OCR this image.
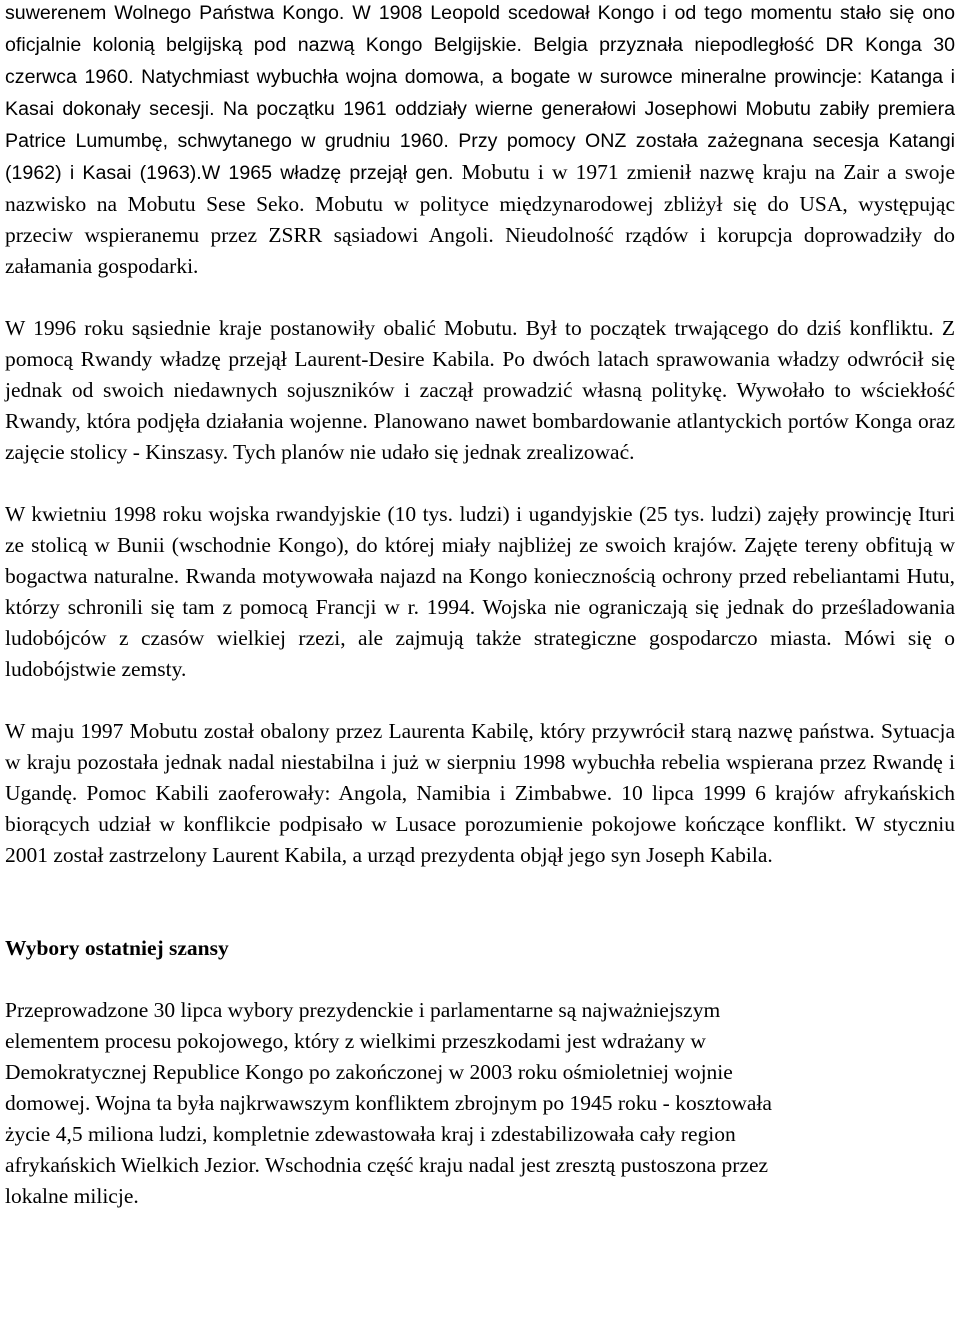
suwerenem Wolnego Państwa Kongo. W 1908 Leopold scedował Kongo i od tego momentu stało się ono oficjalnie kolonią belgijską pod nazwą Kongo Belgijskie. Belgia przyznała niepodległość DR Konga 30 czerwca 1960. Natychmiast wybuchła wojna domowa, a bogate w surowce mineralne prowincje: Katanga i Kasai dokonały secesji. Na początku 1961 oddziały wierne generałowi Josephowi Mobutu zabiły premiera Patrice Lumumbę, schwytanego w grudniu 1960. Przy pomocy ONZ została zażegnana secesja Katangi (1962) i Kasai (1963).W 1965 władzę przejął gen. Mobutu i w 1971 zmienił nazwę kraju na Zair a swoje nazwisko na Mobutu Sese Seko. Mobutu w polityce międzynarodowej zbliżył się do USA, występując przeciw wspieranemu przez ZSRR sąsiadowi Angoli. Nieudolność rządów i korupcja doprowadziły do załamania gospodarki.

W 1996 roku sąsiednie kraje postanowiły obalić Mobutu. Był to początek trwającego do dziś konfliktu. Z pomocą Rwandy władzę przejął Laurent-Desire Kabila. Po dwóch latach sprawowania władzy odwrócił się jednak od swoich niedawnych sojuszników i zaczął prowadzić własną politykę. Wywołało to wściekłość Rwandy, która podjęła działania wojenne. Planowano nawet bombardowanie atlantyckich portów Konga oraz zajęcie stolicy - Kinszasy. Tych planów nie udało się jednak zrealizować.

W kwietniu 1998 roku wojska rwandyjskie (10 tys. ludzi) i ugandyjskie (25 tys. ludzi) zajęły prowincję Ituri ze stolicą w Bunii (wschodnie Kongo), do której miały najbliżej ze swoich krajów. Zajęte tereny obfitują w bogactwa naturalne. Rwanda motywowała najazd na Kongo koniecznością ochrony przed rebeliantami Hutu, którzy schronili się tam z pomocą Francji w r. 1994. Wojska nie ograniczają się jednak do prześladowania ludobójców z czasów wielkiej rzezi, ale zajmują także strategiczne gospodarczo miasta. Mówi się o ludobójstwie zemsty.

W maju 1997 Mobutu został obalony przez Laurenta Kabilę, który przywrócił starą nazwę państwa. Sytuacja w kraju pozostała jednak nadal niestabilna i już w sierpniu 1998 wybuchła rebelia wspierana przez Rwandę i Ugandę. Pomoc Kabili zaoferowały: Angola, Namibia i Zimbabwe. 10 lipca 1999 6 krajów afrykańskich biorących udział w konflikcie podpisało w Lusace porozumienie pokojowe kończące konflikt. W styczniu 2001 został zastrzelony Laurent Kabila, a urząd prezydenta objął jego syn Joseph Kabila.

Wybory ostatniej szansy
Przeprowadzone 30 lipca wybory prezydenckie i parlamentarne są najważniejszym
elementem procesu pokojowego, który z wielkimi przeszkodami jest wdrażany w
Demokratycznej Republice Kongo po zakończonej w 2003 roku ośmioletniej wojnie
domowej. Wojna ta była najkrwawszym konfliktem zbrojnym po 1945 roku - kosztowała
życie 4,5 miliona ludzi, kompletnie zdewastowała kraj i zdestabilizowała cały region
afrykańskich Wielkich Jezior. Wschodnia część kraju nadal jest zresztą pustoszona przez
lokalne milicje.
